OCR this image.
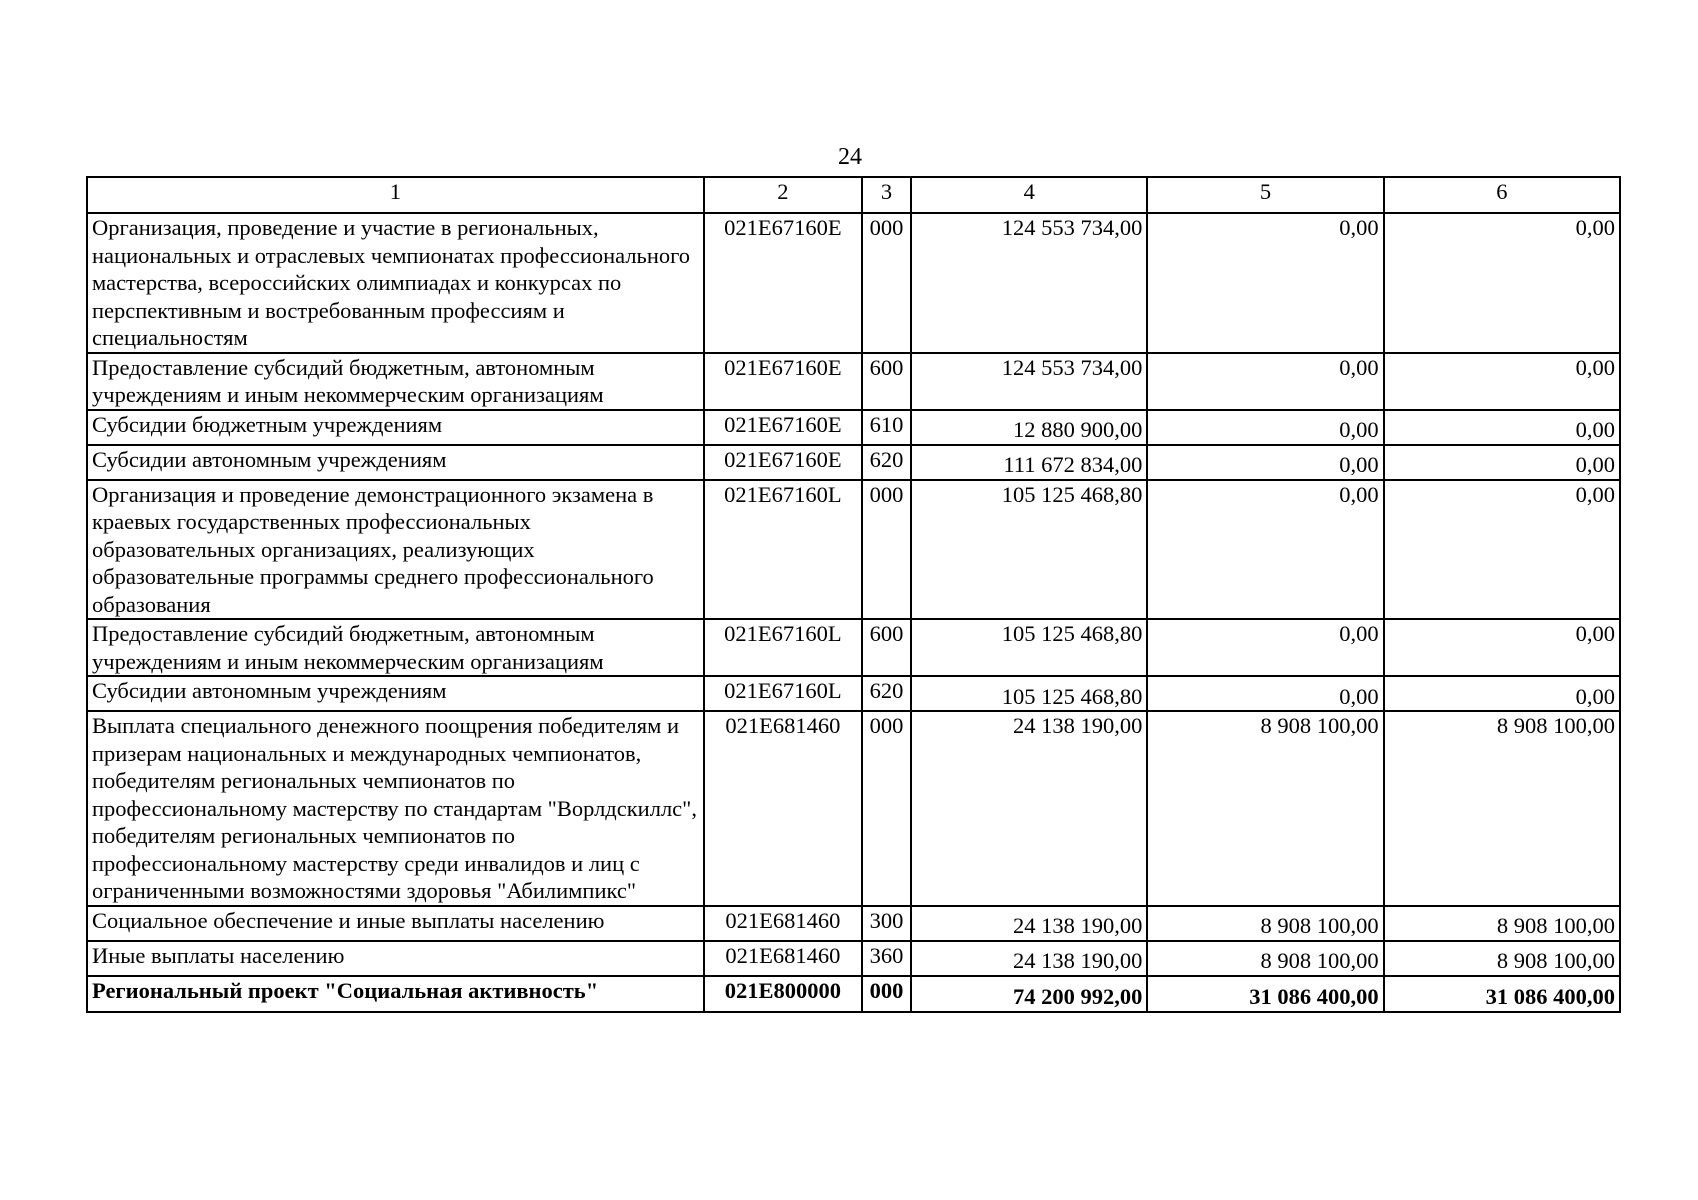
24
1	2	3	4	5	6
Организация, проведение и участие в региональных, национальных и отраслевых чемпионатах профессионального мастерства, всероссийских олимпиадах и конкурсах по перспективным и востребованным профессиям и специальностям	021E67160E	000	124 553 734,00	0,00	0,00
Предоставление субсидий бюджетным, автономным учреждениям и иным некоммерческим организациям	021E67160E	600	124 553 734,00	0,00	0,00
Субсидии бюджетным учреждениям	021E67160E	610	12 880 900,00	0,00	0,00
Субсидии автономным учреждениям	021E67160E	620	111 672 834,00	0,00	0,00
Организация и проведение демонстрационного экзамена в краевых государственных профессиональных образовательных организациях, реализующих образовательные программы среднего профессионального образования	021E67160L	000	105 125 468,80	0,00	0,00
Предоставление субсидий бюджетным, автономным учреждениям и иным некоммерческим организациям	021E67160L	600	105 125 468,80	0,00	0,00
Субсидии автономным учреждениям	021E67160L	620	105 125 468,80	0,00	0,00
Выплата специального денежного поощрения победителям и призерам национальных и международных чемпионатов, победителям региональных чемпионатов по профессиональному мастерству по стандартам "Ворлдскиллс", победителям региональных чемпионатов по профессиональному мастерству среди инвалидов и лиц с ограниченными возможностями здоровья "Абилимпикс"	021E681460	000	24 138 190,00	8 908 100,00	8 908 100,00
Социальное обеспечение и иные выплаты населению	021E681460	300	24 138 190,00	8 908 100,00	8 908 100,00
Иные выплаты населению	021E681460	360	24 138 190,00	8 908 100,00	8 908 100,00
Региональный проект "Социальная активность"	021E800000	000	74 200 992,00	31 086 400,00	31 086 400,00
